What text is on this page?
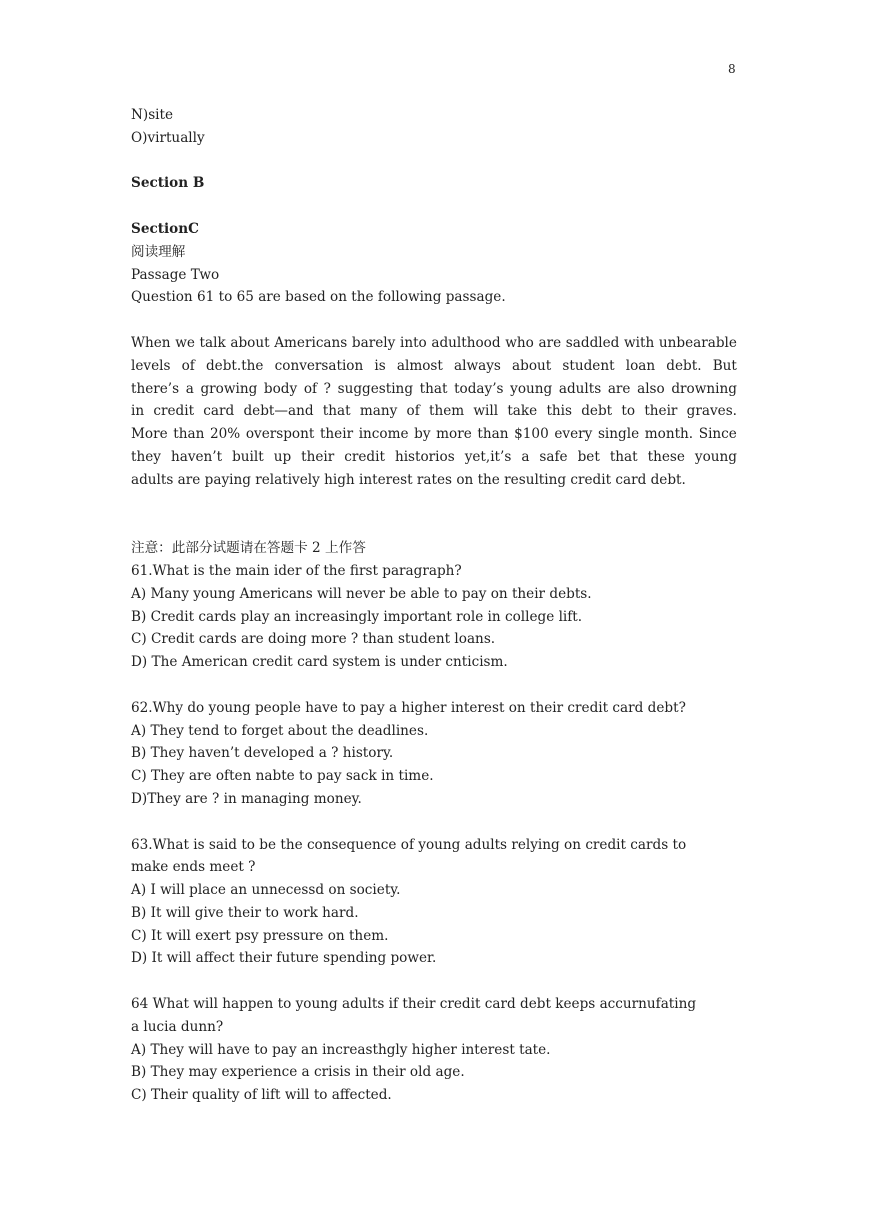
8
N)site
O)virtually
Section B
SectionC
阅读理解
Passage Two
Question 61 to 65 are based on the following passage.
When we talk about Americans barely into adulthood who are saddled with unbearable
levels of debt.the conversation is almost always about student loan debt. But
there’s a growing body of ? suggesting that today’s young adults are also drowning
in credit card debt—and that many of them will take this debt to their graves.
More than 20% overspont their income by more than $100 every single month. Since
they haven’t built up their credit historios yet,it’s a safe bet that these young
adults are paying relatively high interest rates on the resulting credit card debt.
注意：此部分试题请在答题卡 2 上作答
61.What is the main ider of the first paragraph?
A) Many young Americans will never be able to pay on their debts.
B) Credit cards play an increasingly important role in college lift.
C) Credit cards are doing more ? than student loans.
D) The American credit card system is under cnticism.
62.Why do young people have to pay a higher interest on their credit card debt?
A) They tend to forget about the deadlines.
B) They haven’t developed a ? history.
C) They are often nabte to pay sack in time.
D)They are ? in managing money.
63.What is said to be the consequence of young adults relying on credit cards to
make ends meet ?
A) I will place an unnecessd on society.
B) It will give their to work hard.
C) It will exert psy pressure on them.
D) It will affect their future spending power.
64 What will happen to young adults if their credit card debt keeps accurnufating
a lucia dunn?
A) They will have to pay an increasthgly higher interest tate.
B) They may experience a crisis in their old age.
C) Their quality of lift will to affected.
